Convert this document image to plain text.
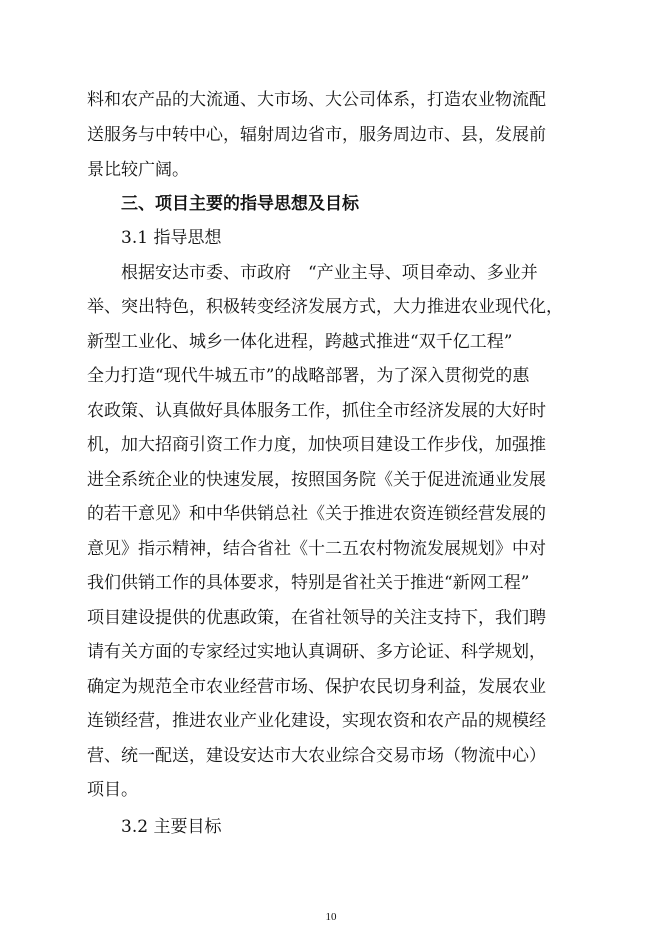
料和农产品的大流通、大市场、大公司体系，打造农业物流配
送服务与中转中心，辐射周边省市，服务周边市、县，发展前
景比较广阔。
三、项目主要的指导思想及目标
3.1 指导思想
根据安达市委、市政府　“产业主导、项目牵动、多业并
举、突出特色，积极转变经济发展方式，大力推进农业现代化，
新型工业化、城乡一体化进程，跨越式推进“双千亿工程”
全力打造“现代牛城五市”的战略部署，为了深入贯彻党的惠
农政策、认真做好具体服务工作，抓住全市经济发展的大好时
机，加大招商引资工作力度，加快项目建设工作步伐，加强推
进全系统企业的快速发展，按照国务院《关于促进流通业发展
的若干意见》和中华供销总社《关于推进农资连锁经营发展的
意见》指示精神，结合省社《十二五农村物流发展规划》中对
我们供销工作的具体要求，特别是省社关于推进“新网工程”
项目建设提供的优惠政策，在省社领导的关注支持下，我们聘
请有关方面的专家经过实地认真调研、多方论证、科学规划，
确定为规范全市农业经营市场、保护农民切身利益，发展农业
连锁经营，推进农业产业化建设，实现农资和农产品的规模经
营、统一配送，建设安达市大农业综合交易市场（物流中心）
项目。
3.2 主要目标
10
